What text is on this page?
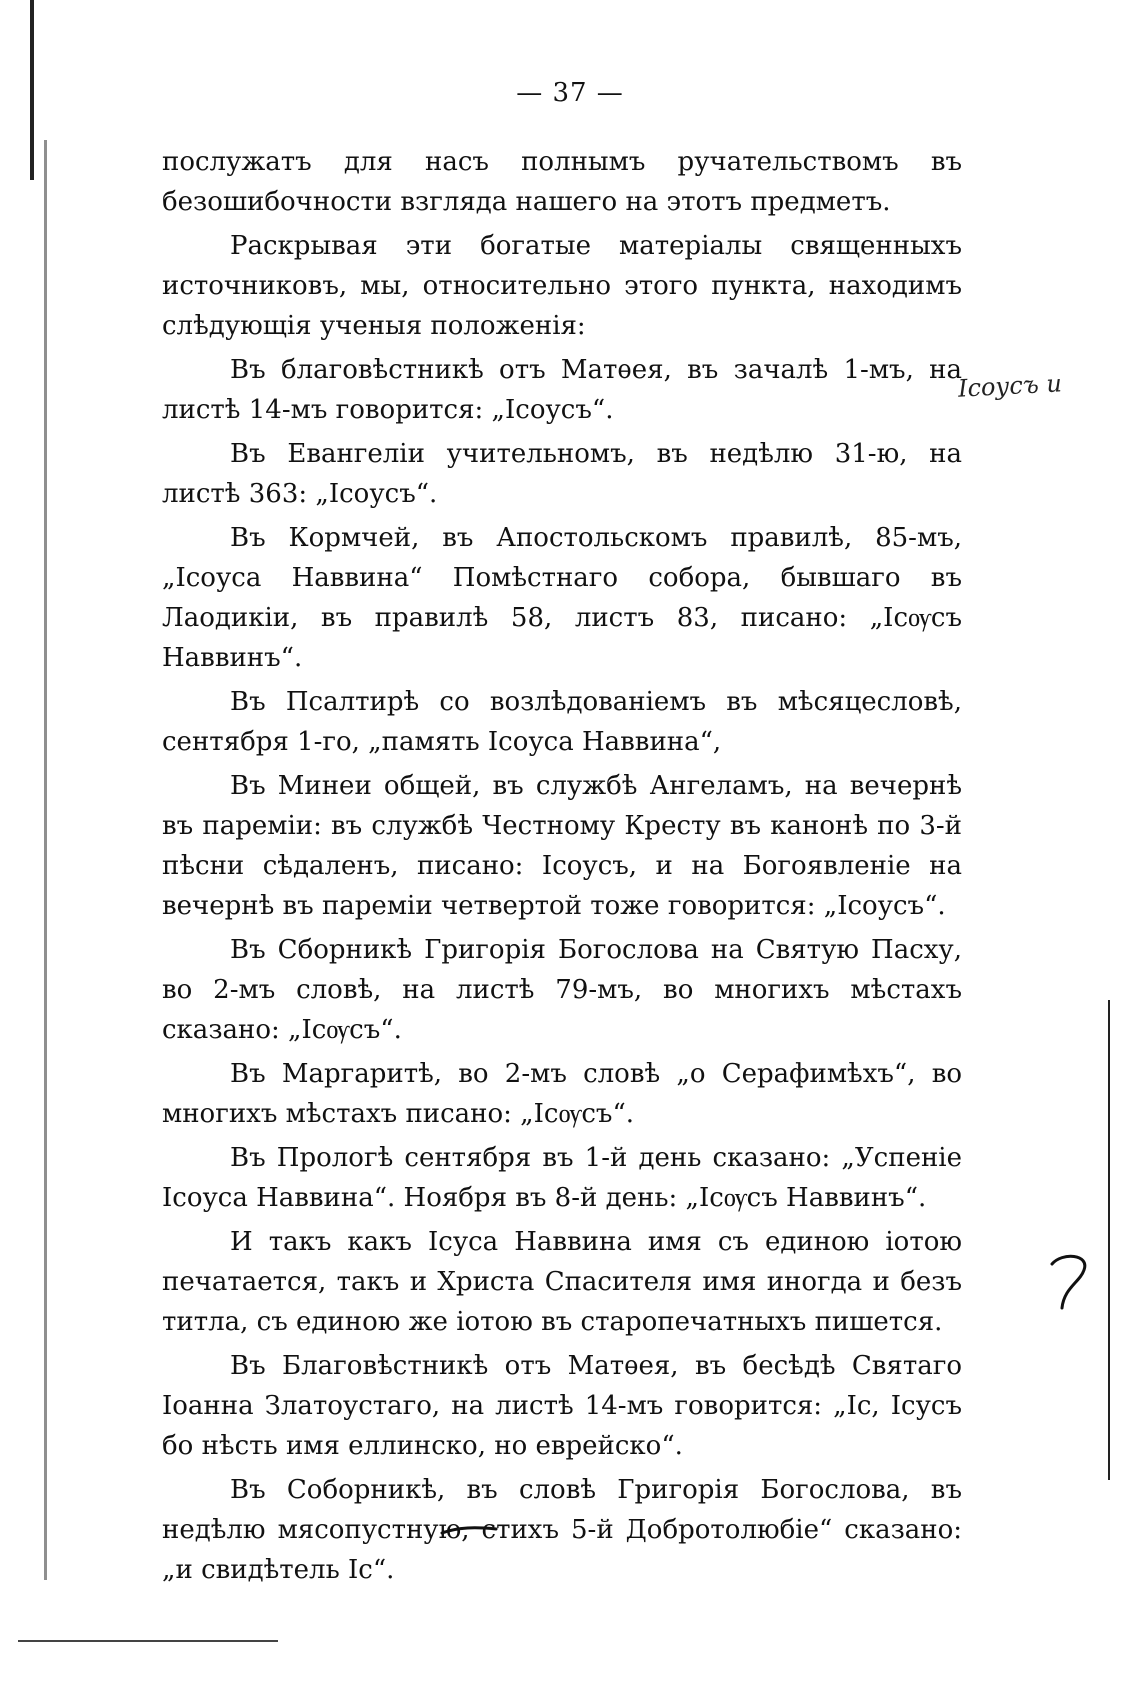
— 37 —

послужатъ для насъ полнымъ ручательствомъ въ безошибочности взгляда нашего на этотъ предметъ.

Раскрывая эти богатые матеріалы священныхъ источниковъ, мы, относительно этого пункта, находимъ слѣдующія ученыя положенія:

Въ благовѣстникѣ отъ Матѳея, въ зачалѣ 1-мъ, на листѣ 14-мъ говорится: „Ісоусъ“.

Въ Евангеліи учительномъ, въ недѣлю 31-ю, на листѣ 363: „Ісоусъ“.

Въ Кормчей, въ Апостольскомъ правилѣ, 85-мъ, „Ісоуса Наввина“ Помѣстнаго собора, бывшаго въ Лаодикіи, въ правилѣ 58, листъ 83, писано: „Ісѹсъ Наввинъ“.

Въ Псалтирѣ со возлѣдованіемъ въ мѣсяцесловѣ, сентября 1-го, „память Ісоуса Наввина“,

Въ Минеи общей, въ службѣ Ангеламъ, на вечернѣ въ пареміи: въ службѣ Честному Кресту въ канонѣ по 3-й пѣсни сѣдаленъ, писано: Ісоусъ, и на Богоявленіе на вечернѣ въ пареміи четвертой тоже говорится: „Ісоусъ“.

Въ Сборникѣ Григорія Богослова на Святую Пасху, во 2-мъ словѣ, на листѣ 79-мъ, во многихъ мѣстахъ сказано: „Ісѹсъ“.

Въ Маргаритѣ, во 2-мъ словѣ „о Серафимѣхъ“, во многихъ мѣстахъ писано: „Ісѹсъ“.

Въ Прологѣ сентября въ 1-й день сказано: „Успеніе Ісоуса Наввина“. Ноября въ 8-й день: „Ісѹсъ Наввинъ“.

И такъ какъ Ісуса Наввина имя съ единою іотою печатается, такъ и Христа Спасителя имя иногда и безъ титла, съ единою же іотою въ старопечатныхъ пишется.

Въ Благовѣстникѣ отъ Матѳея, въ бесѣдѣ Святаго Іоанна Златоустаго, на листѣ 14-мъ говорится: „Іс, Ісусъ бо нѣсть имя еллинско, но еврейско“.

Въ Соборникѣ, въ словѣ Григорія Богослова, въ недѣлю мясопустную, стихъ 5-й Добротолюбіе“ сказано: „и свидѣтель Іс“.

Ісоусъ и
